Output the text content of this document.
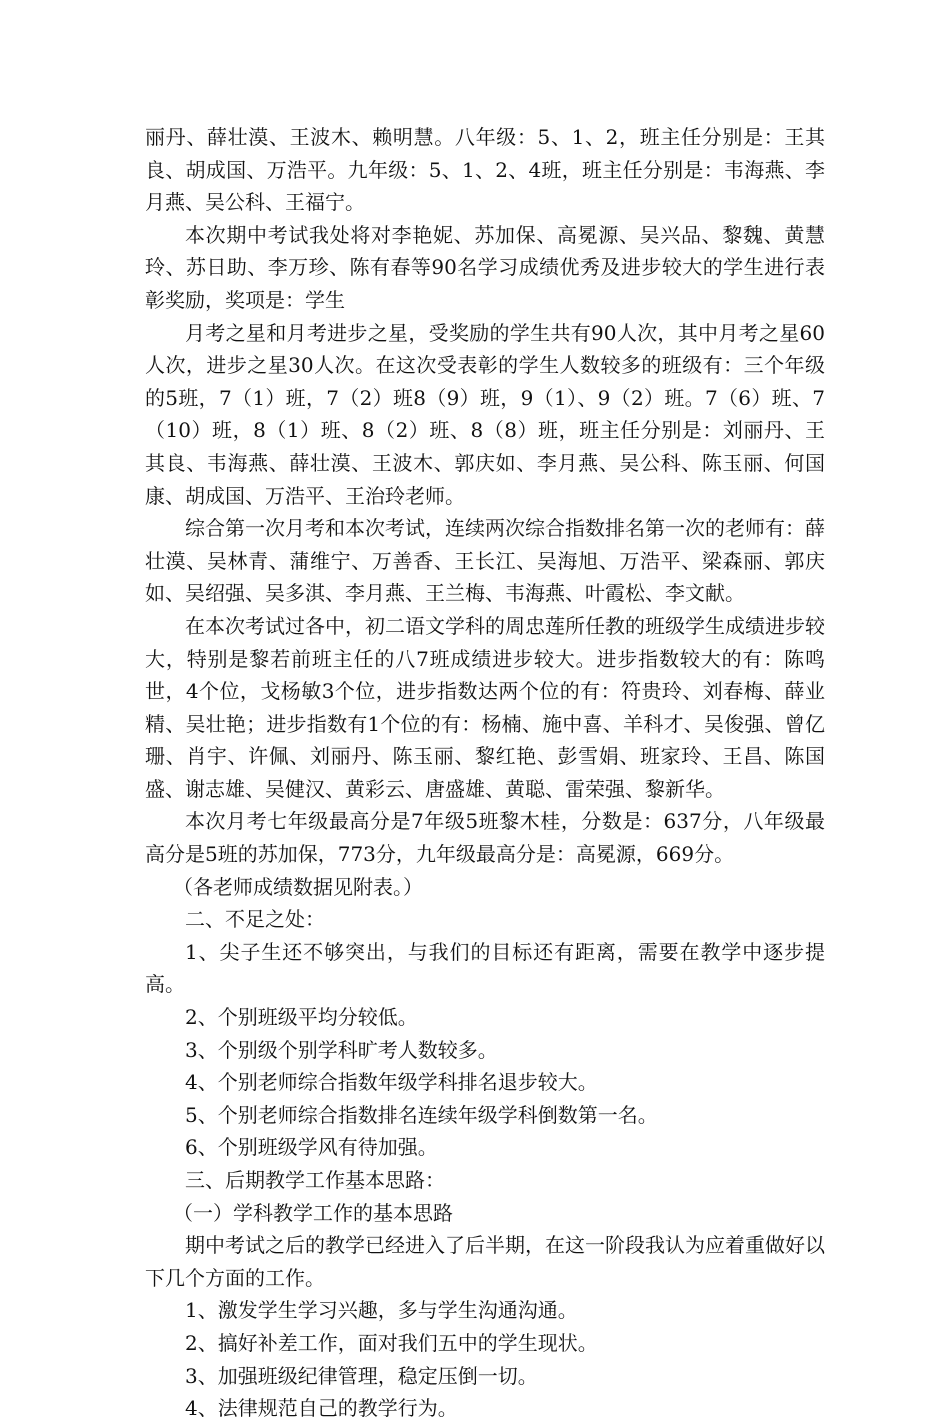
丽丹、薛壮漠、王波木、赖明慧。八年级：5、1、2，班主任分别是：王其良、胡成国、万浩平。九年级：5、1、2、4班，班主任分别是：韦海燕、李月燕、吴公科、王福宁。

本次期中考试我处将对李艳妮、苏加保、高冕源、吴兴品、黎魏、黄慧玲、苏日助、李万珍、陈有春等90名学习成绩优秀及进步较大的学生进行表彰奖励，奖项是：学生

月考之星和月考进步之星，受奖励的学生共有90人次，其中月考之星60人次，进步之星30人次。在这次受表彰的学生人数较多的班级有：三个年级的5班，7（1）班，7（2）班8（9）班，9（1）、9（2）班。7（6）班、7（10）班，8（1）班、8（2）班、8（8）班，班主任分别是：刘丽丹、王其良、韦海燕、薛壮漠、王波木、郭庆如、李月燕、吴公科、陈玉丽、何国康、胡成国、万浩平、王治玲老师。

综合第一次月考和本次考试，连续两次综合指数排名第一次的老师有：薛壮漠、吴林青、蒲维宁、万善香、王长江、吴海旭、万浩平、梁森丽、郭庆如、吴绍强、吴多淇、李月燕、王兰梅、韦海燕、叶霞松、李文献。

在本次考试过各中，初二语文学科的周忠莲所任教的班级学生成绩进步较大，特别是黎若前班主任的八7班成绩进步较大。进步指数较大的有：陈鸣世，4个位，戈杨敏3个位，进步指数达两个位的有：符贵玲、刘春梅、薛业精、吴壮艳；进步指数有1个位的有：杨楠、施中喜、羊科才、吴俊强、曾亿珊、肖宇、许佩、刘丽丹、陈玉丽、黎红艳、彭雪娟、班家玲、王昌、陈国盛、谢志雄、吴健汉、黄彩云、唐盛雄、黄聪、雷荣强、黎新华。

本次月考七年级最高分是7年级5班黎木桂，分数是：637分，八年级最高分是5班的苏加保，773分，九年级最高分是：高冕源，669分。

（各老师成绩数据见附表。）

二、不足之处：

1、尖子生还不够突出，与我们的目标还有距离，需要在教学中逐步提高。

2、个别班级平均分较低。

3、个别级个别学科旷考人数较多。

4、个别老师综合指数年级学科排名退步较大。

5、个别老师综合指数排名连续年级学科倒数第一名。

6、个别班级学风有待加强。

三、后期教学工作基本思路：

（一）学科教学工作的基本思路

期中考试之后的教学已经进入了后半期，在这一阶段我认为应着重做好以下几个方面的工作。

1、激发学生学习兴趣，多与学生沟通沟通。

2、搞好补差工作，面对我们五中的学生现状。

3、加强班级纪律管理，稳定压倒一切。

4、法律规范自己的教学行为。
